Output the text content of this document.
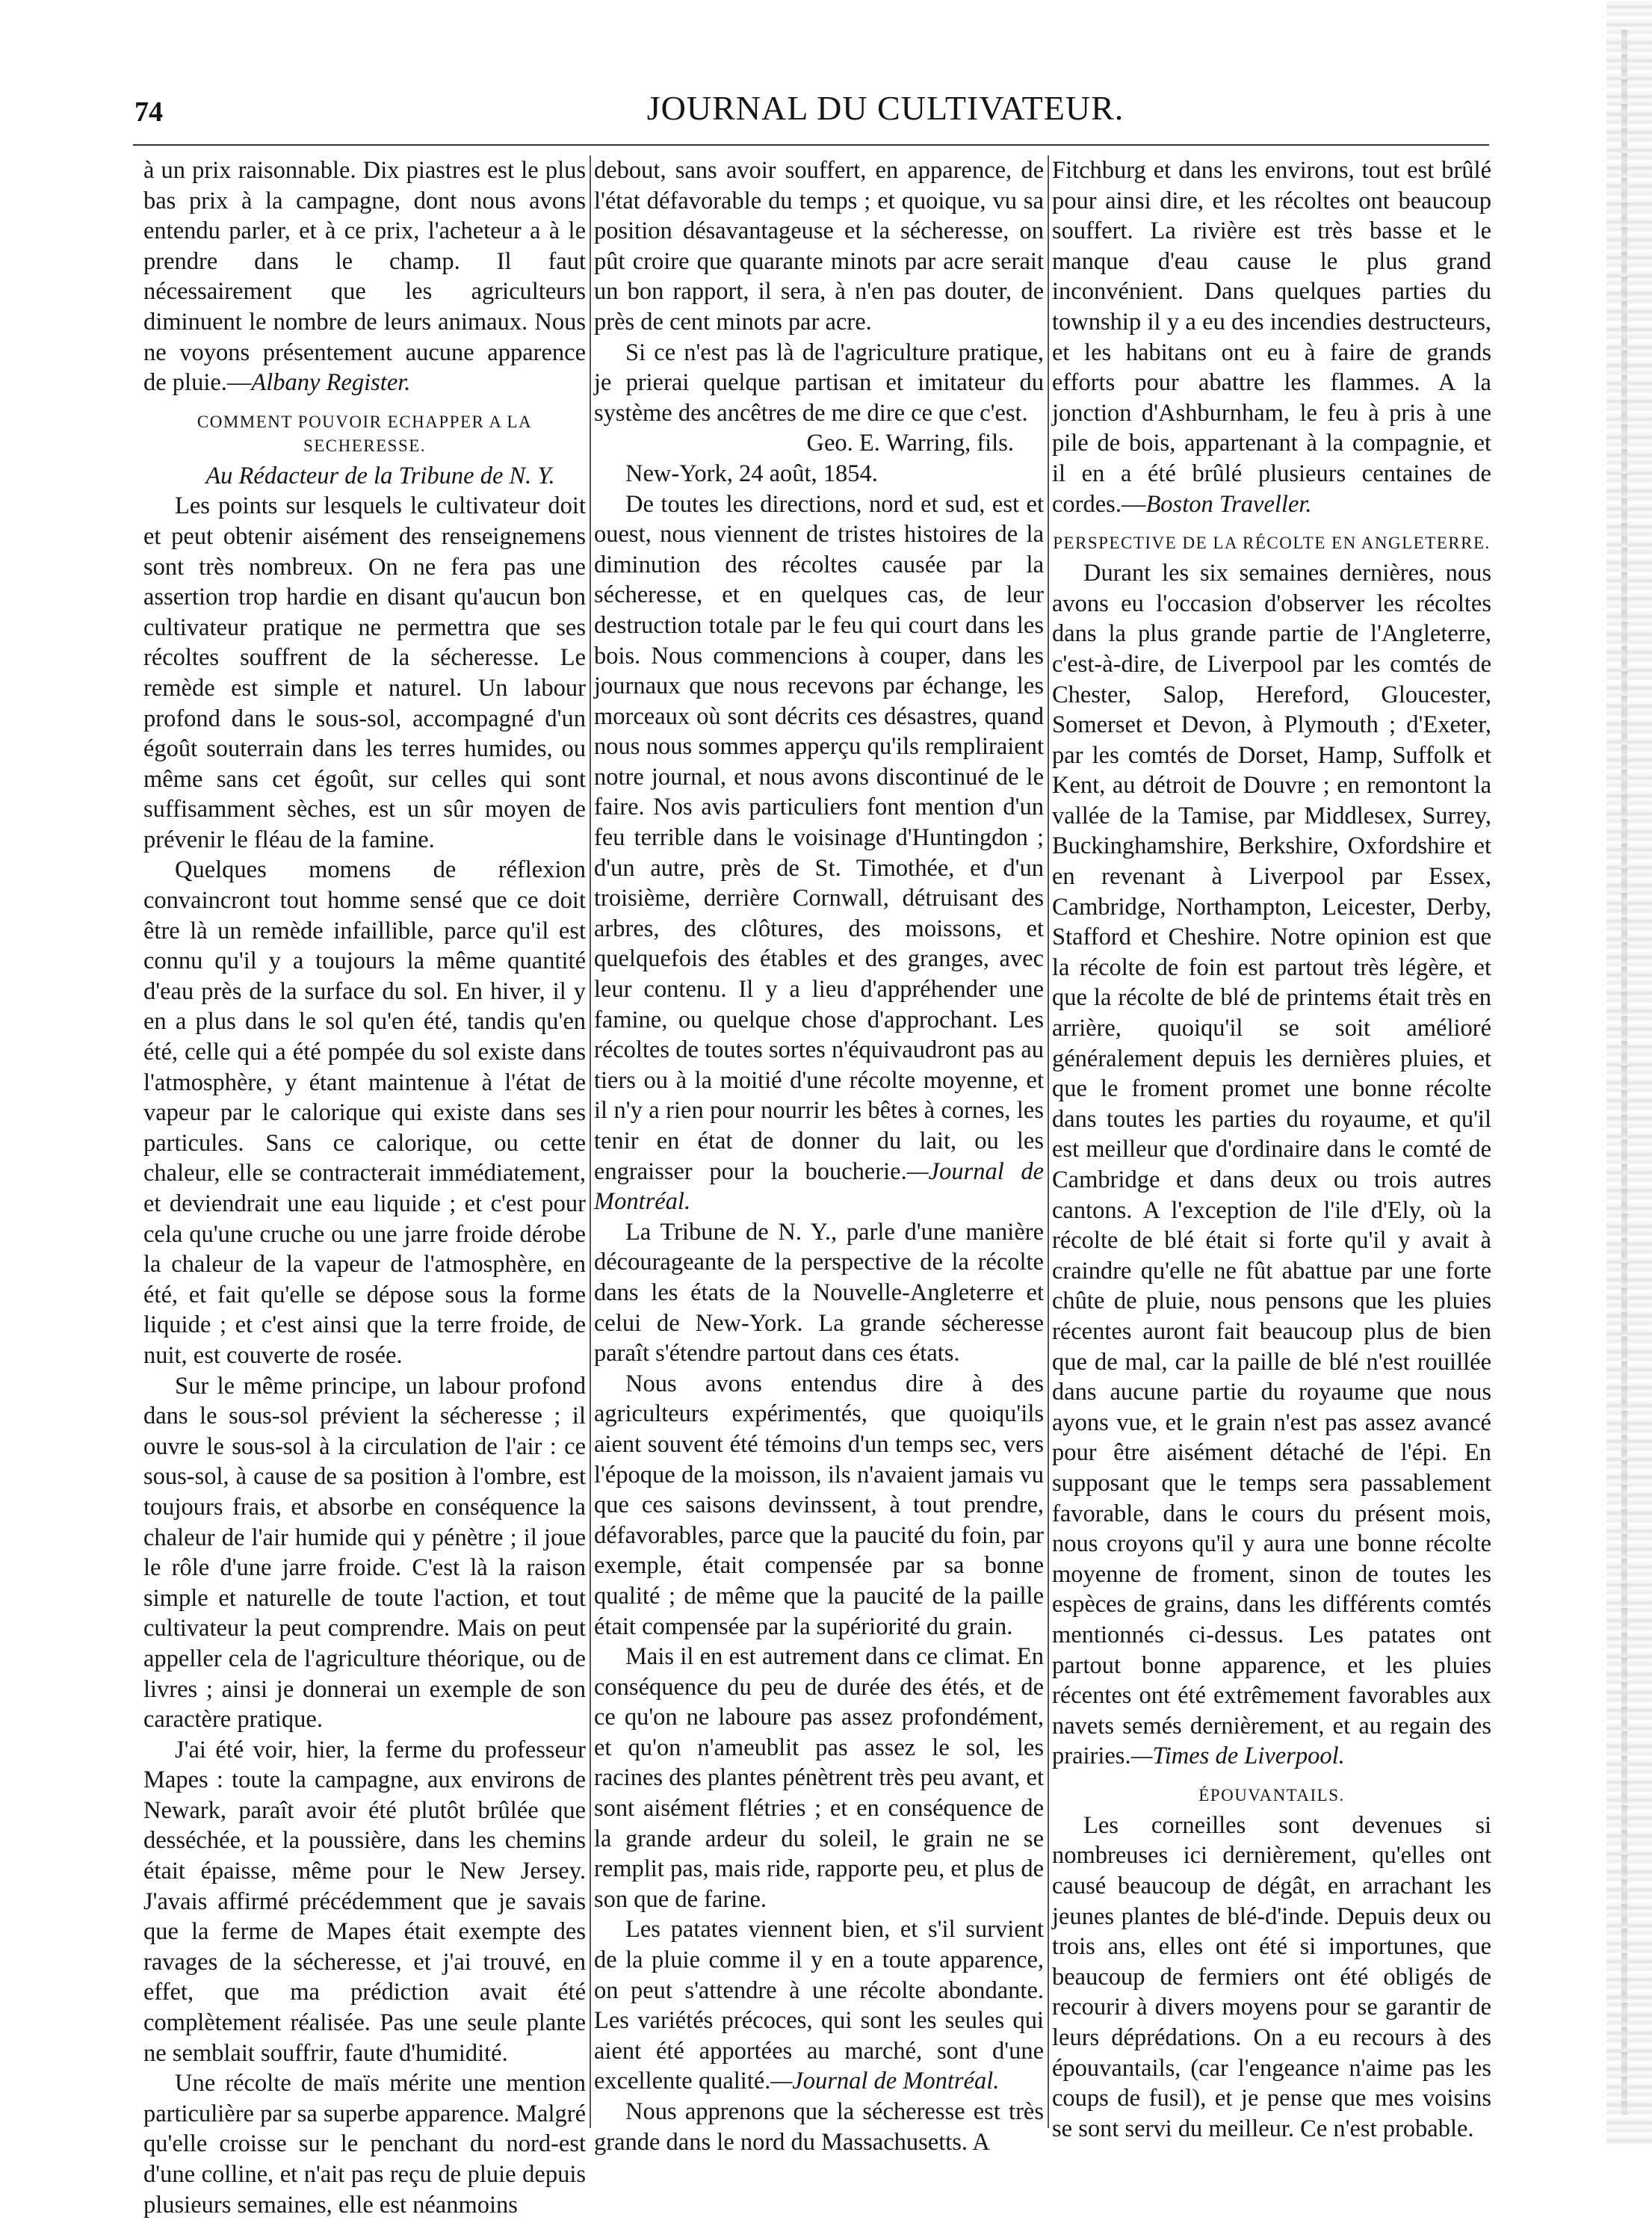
74	JOURNAL DU CULTIVATEUR.

à un prix raisonnable. Dix piastres est le plus bas prix à la campagne, dont nous avons entendu parler, et à ce prix, l'acheteur a à le prendre dans le champ. Il faut nécessairement que les agriculteurs diminuent le nombre de leurs animaux. Nous ne voyons présentement aucune apparence de pluie.—Albany Register.

COMMENT POUVOIR ECHAPPER A LA SECHERESSE.

Au Rédacteur de la Tribune de N. Y.

Les points sur lesquels le cultivateur doit et peut obtenir aisément des renseignemens sont très nombreux. On ne fera pas une assertion trop hardie en disant qu'aucun bon cultivateur pratique ne permettra que ses récoltes souffrent de la sécheresse. Le remède est simple et naturel. Un labour profond dans le sous-sol, accompagné d'un égoût souterrain dans les terres humides, ou même sans cet égoût, sur celles qui sont suffisamment sèches, est un sûr moyen de prévenir le fléau de la famine.

Quelques momens de réflexion convaincront tout homme sensé que ce doit être là un remède infaillible, parce qu'il est connu qu'il y a toujours la même quantité d'eau près de la surface du sol. En hiver, il y en a plus dans le sol qu'en été, tandis qu'en été, celle qui a été pompée du sol existe dans l'atmosphère, y étant maintenue à l'état de vapeur par le calorique qui existe dans ses particules. Sans ce calorique, ou cette chaleur, elle se contracterait immédiatement, et deviendrait une eau liquide ; et c'est pour cela qu'une cruche ou une jarre froide dérobe la chaleur de la vapeur de l'atmosphère, en été, et fait qu'elle se dépose sous la forme liquide ; et c'est ainsi que la terre froide, de nuit, est couverte de rosée.

Sur le même principe, un labour profond dans le sous-sol prévient la sécheresse ; il ouvre le sous-sol à la circulation de l'air : ce sous-sol, à cause de sa position à l'ombre, est toujours frais, et absorbe en conséquence la chaleur de l'air humide qui y pénètre ; il joue le rôle d'une jarre froide. C'est là la raison simple et naturelle de toute l'action, et tout cultivateur la peut comprendre. Mais on peut appeller cela de l'agriculture théorique, ou de livres ; ainsi je donnerai un exemple de son caractère pratique.

J'ai été voir, hier, la ferme du professeur Mapes : toute la campagne, aux environs de Newark, paraît avoir été plutôt brûlée que desséchée, et la poussière, dans les chemins était épaisse, même pour le New Jersey. J'avais affirmé précédemment que je savais que la ferme de Mapes était exempte des ravages de la sécheresse, et j'ai trouvé, en effet, que ma prédiction avait été complètement réalisée. Pas une seule plante ne semblait souffrir, faute d'humidité.

Une récolte de maïs mérite une mention particulière par sa superbe apparence. Malgré qu'elle croisse sur le penchant du nord-est d'une colline, et n'ait pas reçu de pluie depuis plusieurs semaines, elle est néanmoins

debout, sans avoir souffert, en apparence, de l'état défavorable du temps ; et quoique, vu sa position désavantageuse et la sécheresse, on pût croire que quarante minots par acre serait un bon rapport, il sera, à n'en pas douter, de près de cent minots par acre.

Si ce n'est pas là de l'agriculture pratique, je prierai quelque partisan et imitateur du système des ancêtres de me dire ce que c'est.

Geo. E. Warring, fils.

New-York, 24 août, 1854.

De toutes les directions, nord et sud, est et ouest, nous viennent de tristes histoires de la diminution des récoltes causée par la sécheresse, et en quelques cas, de leur destruction totale par le feu qui court dans les bois. Nous commencions à couper, dans les journaux que nous recevons par échange, les morceaux où sont décrits ces désastres, quand nous nous sommes apperçu qu'ils rempliraient notre journal, et nous avons discontinué de le faire. Nos avis particuliers font mention d'un feu terrible dans le voisinage d'Huntingdon ; d'un autre, près de St. Timothée, et d'un troisième, derrière Cornwall, détruisant des arbres, des clôtures, des moissons, et quelquefois des étables et des granges, avec leur contenu. Il y a lieu d'appréhender une famine, ou quelque chose d'approchant. Les récoltes de toutes sortes n'équivaudront pas au tiers ou à la moitié d'une récolte moyenne, et il n'y a rien pour nourrir les bêtes à cornes, les tenir en état de donner du lait, ou les engraisser pour la boucherie.—Journal de Montréal.

La Tribune de N. Y., parle d'une manière décourageante de la perspective de la récolte dans les états de la Nouvelle-Angleterre et celui de New-York. La grande sécheresse paraît s'étendre partout dans ces états.

Nous avons entendus dire à des agriculteurs expérimentés, que quoiqu'ils aient souvent été témoins d'un temps sec, vers l'époque de la moisson, ils n'avaient jamais vu que ces saisons devinssent, à tout prendre, défavorables, parce que la paucité du foin, par exemple, était compensée par sa bonne qualité ; de même que la paucité de la paille était compensée par la supériorité du grain.

Mais il en est autrement dans ce climat. En conséquence du peu de durée des étés, et de ce qu'on ne laboure pas assez profondément, et qu'on n'ameublit pas assez le sol, les racines des plantes pénètrent très peu avant, et sont aisément flétries ; et en conséquence de la grande ardeur du soleil, le grain ne se remplit pas, mais ride, rapporte peu, et plus de son que de farine.

Les patates viennent bien, et s'il survient de la pluie comme il y en a toute apparence, on peut s'attendre à une récolte abondante. Les variétés précoces, qui sont les seules qui aient été apportées au marché, sont d'une excellente qualité.—Journal de Montréal.

Nous apprenons que la sécheresse est très grande dans le nord du Massachusetts. A

Fitchburg et dans les environs, tout est brûlé pour ainsi dire, et les récoltes ont beaucoup souffert. La rivière est très basse et le manque d'eau cause le plus grand inconvénient. Dans quelques parties du township il y a eu des incendies destructeurs, et les habitans ont eu à faire de grands efforts pour abattre les flammes. A la jonction d'Ashburnham, le feu à pris à une pile de bois, appartenant à la compagnie, et il en a été brûlé plusieurs centaines de cordes.—Boston Traveller.

PERSPECTIVE DE LA RÉCOLTE EN ANGLETERRE.

Durant les six semaines dernières, nous avons eu l'occasion d'observer les récoltes dans la plus grande partie de l'Angleterre, c'est-à-dire, de Liverpool par les comtés de Chester, Salop, Hereford, Gloucester, Somerset et Devon, à Plymouth ; d'Exeter, par les comtés de Dorset, Hamp, Suffolk et Kent, au détroit de Douvre ; en remontont la vallée de la Tamise, par Middlesex, Surrey, Buckinghamshire, Berkshire, Oxfordshire et en revenant à Liverpool par Essex, Cambridge, Northampton, Leicester, Derby, Stafford et Cheshire. Notre opinion est que la récolte de foin est partout très légère, et que la récolte de blé de printems était très en arrière, quoiqu'il se soit amélioré généralement depuis les dernières pluies, et que le froment promet une bonne récolte dans toutes les parties du royaume, et qu'il est meilleur que d'ordinaire dans le comté de Cambridge et dans deux ou trois autres cantons. A l'exception de l'ile d'Ely, où la récolte de blé était si forte qu'il y avait à craindre qu'elle ne fût abattue par une forte chûte de pluie, nous pensons que les pluies récentes auront fait beaucoup plus de bien que de mal, car la paille de blé n'est rouillée dans aucune partie du royaume que nous ayons vue, et le grain n'est pas assez avancé pour être aisément détaché de l'épi. En supposant que le temps sera passablement favorable, dans le cours du présent mois, nous croyons qu'il y aura une bonne récolte moyenne de froment, sinon de toutes les espèces de grains, dans les différents comtés mentionnés ci-dessus. Les patates ont partout bonne apparence, et les pluies récentes ont été extrêmement favorables aux navets semés dernièrement, et au regain des prairies.—Times de Liverpool.

ÉPOUVANTAILS.

Les corneilles sont devenues si nombreuses ici dernièrement, qu'elles ont causé beaucoup de dégât, en arrachant les jeunes plantes de blé-d'inde. Depuis deux ou trois ans, elles ont été si importunes, que beaucoup de fermiers ont été obligés de recourir à divers moyens pour se garantir de leurs déprédations. On a eu recours à des épouvantails, (car l'engeance n'aime pas les coups de fusil), et je pense que mes voisins se sont servi du meilleur. Ce n'est probable.
